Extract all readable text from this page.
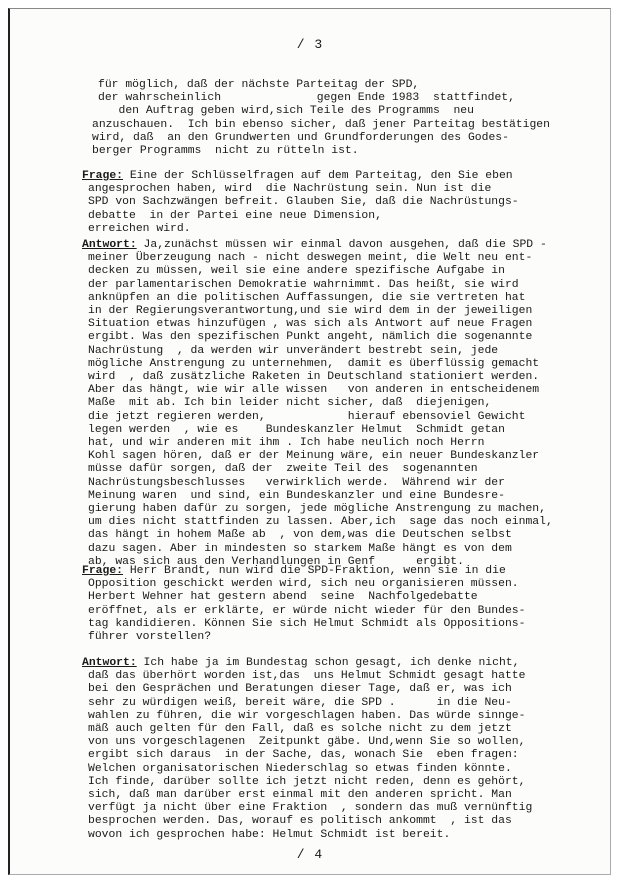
/ 3
für möglich, daß der nächste Parteitag der SPD,
der wahrscheinlich              gegen Ende 1983  stattfindet,
den Auftrag geben wird,sich Teile des Programms  neu
anzuschauen.  Ich bin ebenso sicher, daß jener Parteitag bestätigen
wird, daß  an den Grundwerten und Grundforderungen des Godes-
berger Programms  nicht zu rütteln ist.
Frage: Eine der Schlüsselfragen auf dem Parteitag, den Sie eben
angesprochen haben, wird  die Nachrüstung sein. Nun ist die
SPD von Sachzwängen befreit. Glauben Sie, daß die Nachrüstungs-
debatte  in der Partei eine neue Dimension,
erreichen wird.
Antwort: Ja,zunächst müssen wir einmal davon ausgehen, daß die SPD -
meiner Überzeugung nach - nicht deswegen meint, die Welt neu ent-
decken zu müssen, weil sie eine andere spezifische Aufgabe in
der parlamentarischen Demokratie wahrnimmt. Das heißt, sie wird
anknüpfen an die politischen Auffassungen, die sie vertreten hat
in der Regierungsverantwortung,und sie wird dem in der jeweiligen
Situation etwas hinzufügen , was sich als Antwort auf neue Fragen
ergibt. Was den spezifischen Punkt angeht, nämlich die sogenannte
Nachrüstung  , da werden wir unverändert bestrebt sein, jede
mögliche Anstrengung zu unternehmen,  damit es überflüssig gemacht
wird  , daß zusätzliche Raketen in Deutschland stationiert werden.
Aber das hängt, wie wir alle wissen   von anderen in entscheidenem
Maße  mit ab. Ich bin leider nicht sicher, daß  diejenigen,
die jetzt regieren werden,            hierauf ebensoviel Gewicht
legen werden  , wie es    Bundeskanzler Helmut  Schmidt getan
hat, und wir anderen mit ihm . Ich habe neulich noch Herrn
Kohl sagen hören, daß er der Meinung wäre, ein neuer Bundeskanzler
müsse dafür sorgen, daß der  zweite Teil des  sogenannten
Nachrüstungsbeschlusses   verwirklich werde.  Während wir der
Meinung waren  und sind, ein Bundeskanzler und eine Bundesre-
gierung haben dafür zu sorgen, jede mögliche Anstrengung zu machen,
um dies nicht stattfinden zu lassen. Aber,ich  sage das noch einmal,
das hängt in hohem Maße ab  , von dem,was die Deutschen selbst
dazu sagen. Aber in mindesten so starkem Maße hängt es von dem
ab, was sich aus den Verhandlungen in Genf      ergibt.
Frage: Herr Brandt, nun wird die SPD-Fraktion, wenn sie in die
Opposition geschickt werden wird, sich neu organisieren müssen.
Herbert Wehner hat gestern abend  seine  Nachfolgedebatte
eröffnet, als er erklärte, er würde nicht wieder für den Bundes-
tag kandidieren. Können Sie sich Helmut Schmidt als Oppositions-
führer vorstellen?
Antwort: Ich habe ja im Bundestag schon gesagt, ich denke nicht,
daß das überhört worden ist,das  uns Helmut Schmidt gesagt hatte
bei den Gesprächen und Beratungen dieser Tage, daß er, was ich
sehr zu würdigen weiß, bereit wäre, die SPD .      in die Neu-
wahlen zu führen, die wir vorgeschlagen haben. Das würde sinnge-
mäß auch gelten für den Fall, daß es solche nicht zu dem jetzt
von uns vorgeschlagenen  Zeitpunkt gäbe. Und,wenn Sie so wollen,
ergibt sich daraus  in der Sache, das, wonach Sie  eben fragen:
Welchen organisatorischen Niederschlag so etwas finden könnte.
Ich finde, darüber sollte ich jetzt nicht reden, denn es gehört,
sich, daß man darüber erst einmal mit den anderen spricht. Man
verfügt ja nicht über eine Fraktion  , sondern das muß vernünftig
besprochen werden. Das, worauf es politisch ankommt  , ist das
wovon ich gesprochen habe: Helmut Schmidt ist bereit.
/ 4
